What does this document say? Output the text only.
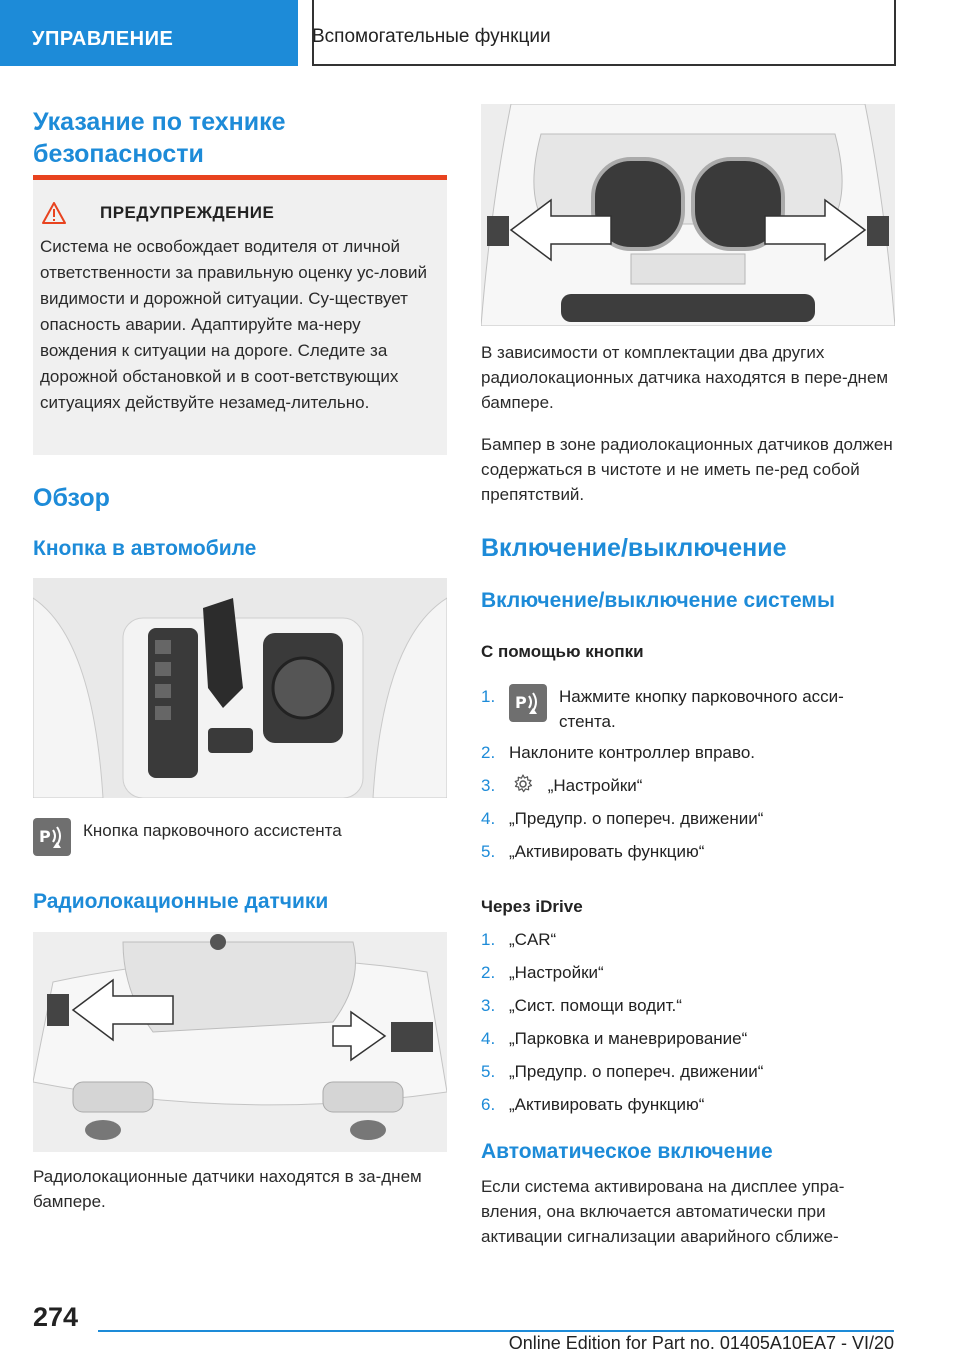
УПРАВЛЕНИЕ	Вспомогательные функции
Указание по технике безопасности
ПРЕДУПРЕЖДЕНИЕ
Система не освобождает водителя от личной ответственности за правильную оценку ус-ловий видимости и дорожной ситуации. Су-ществует опасность аварии. Адаптируйте ма-неру вождения к ситуации на дороге. Следите за дорожной обстановкой и в соот-ветствующих ситуациях действуйте незамед-лительно.
Обзор
Кнопка в автомобиле
P Кнопка парковочного ассистента
Радиолокационные датчики

Радиолокационные датчики находятся в за-днем бампере.

В зависимости от комплектации два других радиолокационных датчика находятся в пере-днем бампере.

Бампер в зоне радиолокационных датчиков должен содержаться в чистоте и не иметь пе-ред собой препятствий.

Включение/выключение
Включение/выключение системы
С помощью кнопки
1. P Нажмите кнопку парковочного асси-стента.
2. Наклоните контроллер вправо.
3.	„Настройки“
4. „Предупр. о попереч. движении“
5. „Активировать функцию“
Через iDrive
1. „CAR“
2. „Настройки“
3. „Сист. помощи водит.“
4. „Парковка и маневрирование“
5. „Предупр. о попереч. движении“
6. „Активировать функцию“
Автоматическое включение

Если система активирована на дисплее упра-вления, она включается автоматически при активации сигнализации аварийного сближе-

274
Online Edition for Part no. 01405A10EA7 - VI/20
